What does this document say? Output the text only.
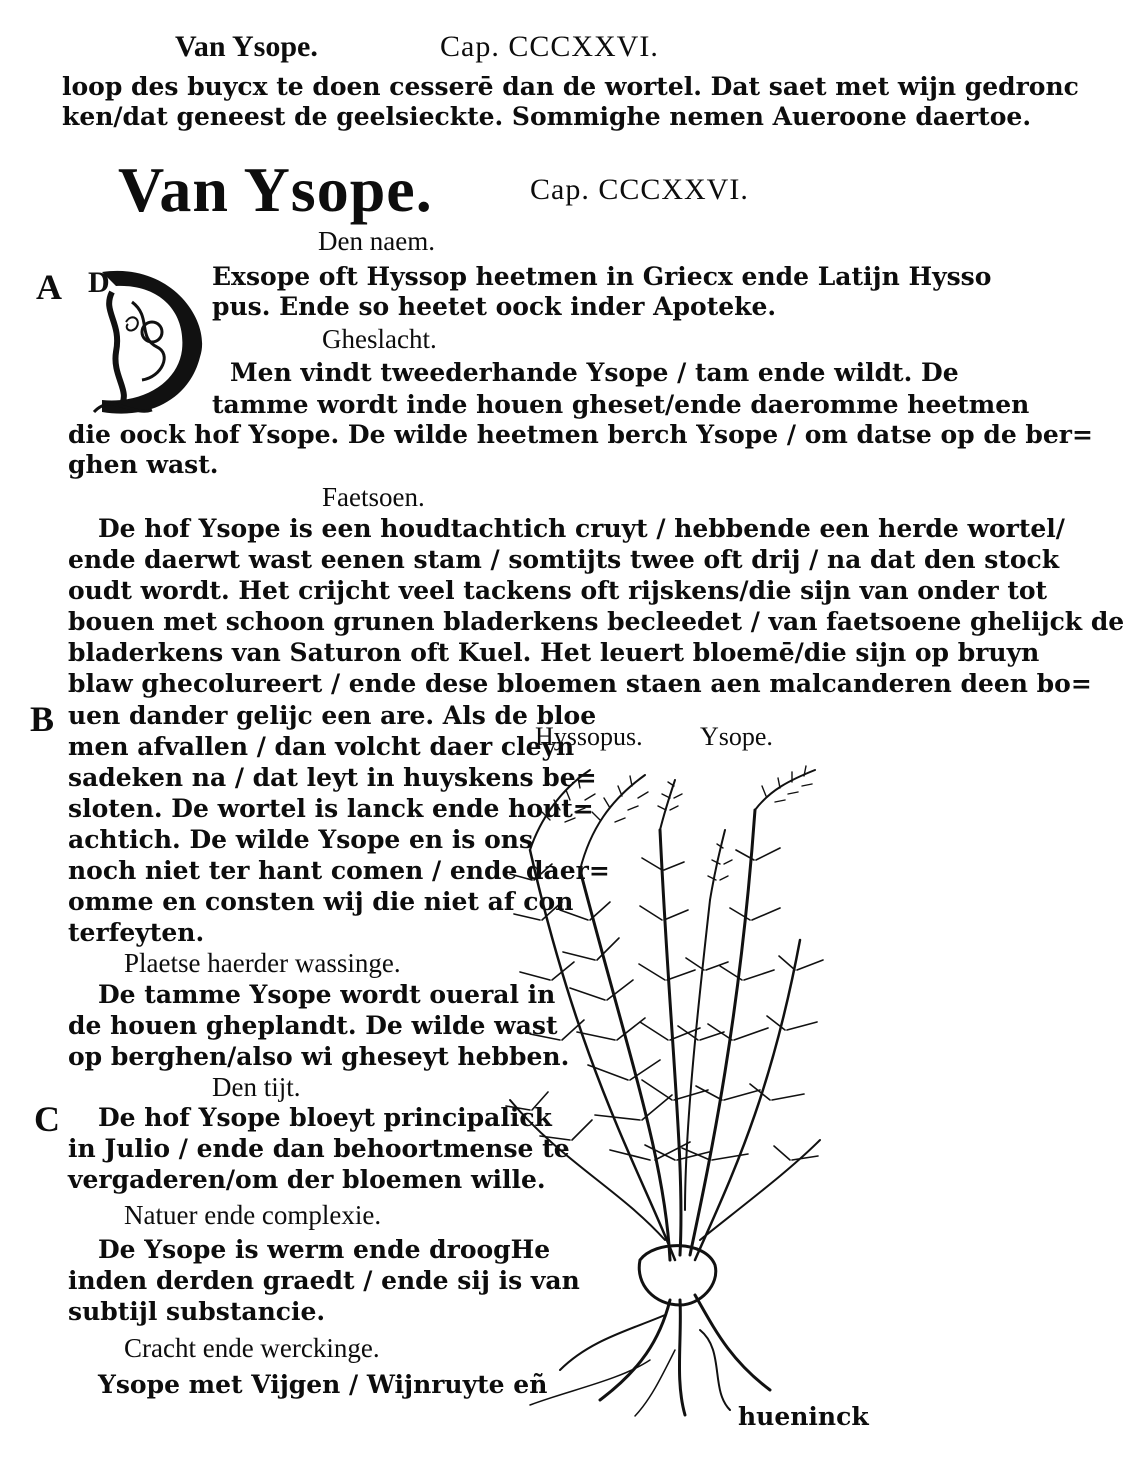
Van Ysope.	Cap. CCCXXVI.
loop des buycx te doen cesserē dan de wortel. Dat saet met wijn gedronc
ken/dat geneest de geelsieckte. Sommighe nemen Aueroone daertoe.
Van Ysope.	Cap. CCCXXVI.
Den naem.
A D	Exsope oft Hyssop heetmen in Griecx ende Latijn Hysso
pus. Ende so heetet oock inder Apoteke.
Gheslacht.
Men vindt tweederhande Ysope / tam ende wildt. De
tamme wordt inde houen gheset/ende daeromme heetmen
die oock hof Ysope. De wilde heetmen berch Ysope / om datse op de ber=
ghen wast.
Faetsoen.
De hof Ysope is een houdtachtich cruyt / hebbende een herde wortel/
ende daerwt wast eenen stam / somtijts twee oft drij / na dat den stock
oudt wordt. Het crijcht veel tackens oft rijskens/die sijn van onder tot
bouen met schoon grunen bladerkens becleedet / van faetsoene ghelijck de
bladerkens van Saturon oft Kuel. Het leuert bloemē/die sijn op bruyn
blaw ghecolureert / ende dese bloemen staen aen malcanderen deen bo=
B uen dander gelijc een are. Als de bloe
men afvallen / dan volcht daer cleyn
sadeken na / dat leyt in huyskens be=
sloten. De wortel is lanck ende hout=
achtich. De wilde Ysope en is ons
noch niet ter hant comen / ende daer=
omme en consten wij die niet af con
terfeyten.
Plaetse haerder wassinge.
De tamme Ysope wordt oueral in
de houen gheplandt. De wilde wast
op berghen/also wi gheseyt hebben.
Den tijt.
C De hof Ysope bloeyt principalick
in Julio / ende dan behoortmense te
vergaderen/om der bloemen wille.
Natuer ende complexie.
De Ysope is werm ende droogHe
inden derden graedt / ende sij is van
subtijl substancie.
Cracht ende werckinge.
Ysope met Vijgen / Wijnruyte eñ
Hyssopus. Ysope.
hueninck
